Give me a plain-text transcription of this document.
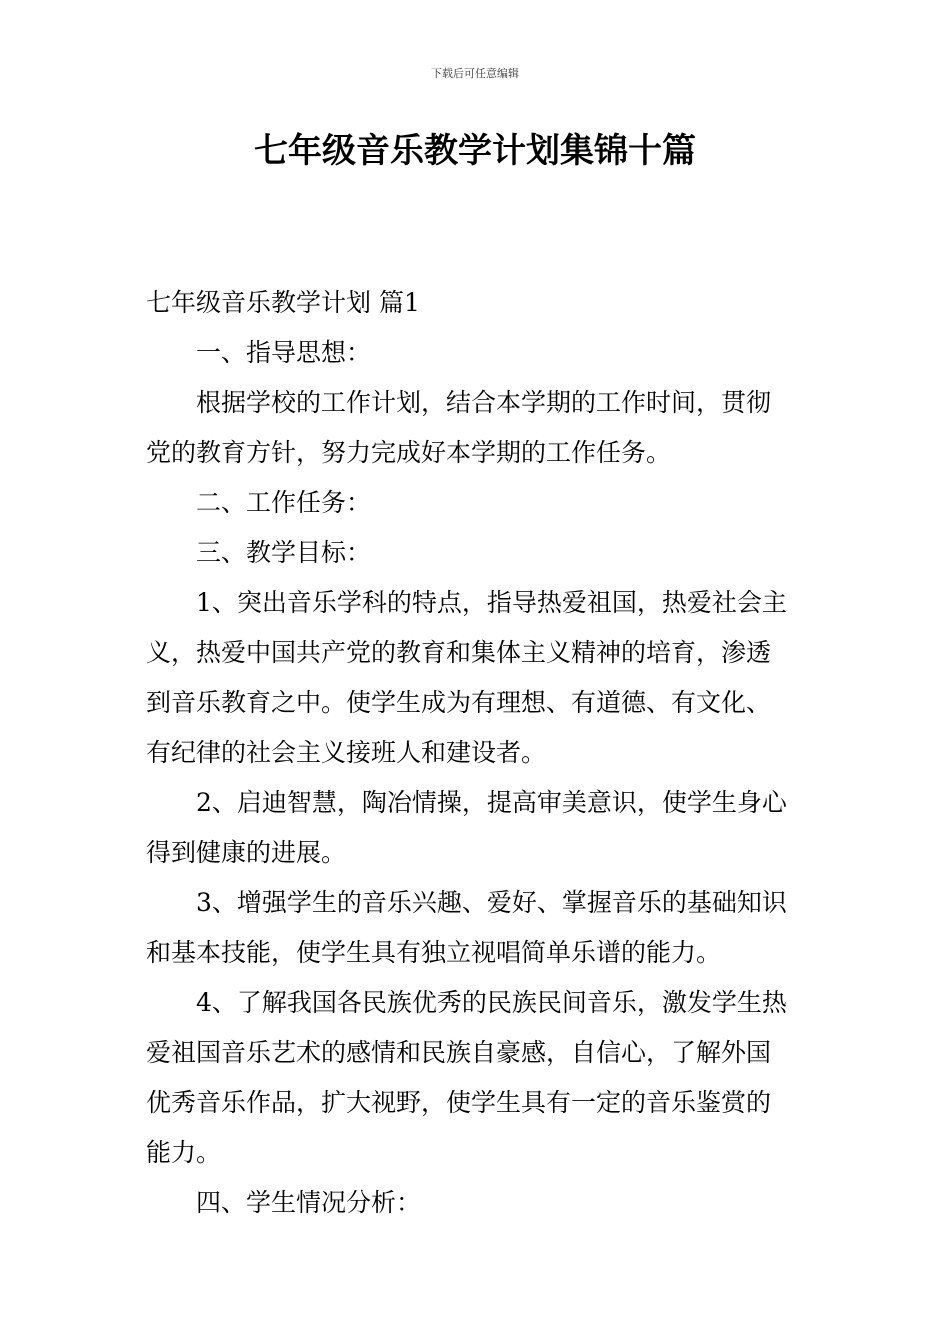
下载后可任意编辑
七年级音乐教学计划集锦十篇

七年级音乐教学计划 篇1

一、指导思想：

根据学校的工作计划，结合本学期的工作时间，贯彻

党的教育方针，努力完成好本学期的工作任务。

二、工作任务：

三、教学目标：

1、突出音乐学科的特点，指导热爱祖国，热爱社会主

义，热爱中国共产党的教育和集体主义精神的培育，渗透

到音乐教育之中。使学生成为有理想、有道德、有文化、

有纪律的社会主义接班人和建设者。

2、启迪智慧，陶冶情操，提高审美意识，使学生身心

得到健康的进展。

3、增强学生的音乐兴趣、爱好、掌握音乐的基础知识

和基本技能，使学生具有独立视唱简单乐谱的能力。

4、了解我国各民族优秀的民族民间音乐，激发学生热

爱祖国音乐艺术的感情和民族自豪感，自信心，了解外国

优秀音乐作品，扩大视野，使学生具有一定的音乐鉴赏的

能力。

四、学生情况分析：
